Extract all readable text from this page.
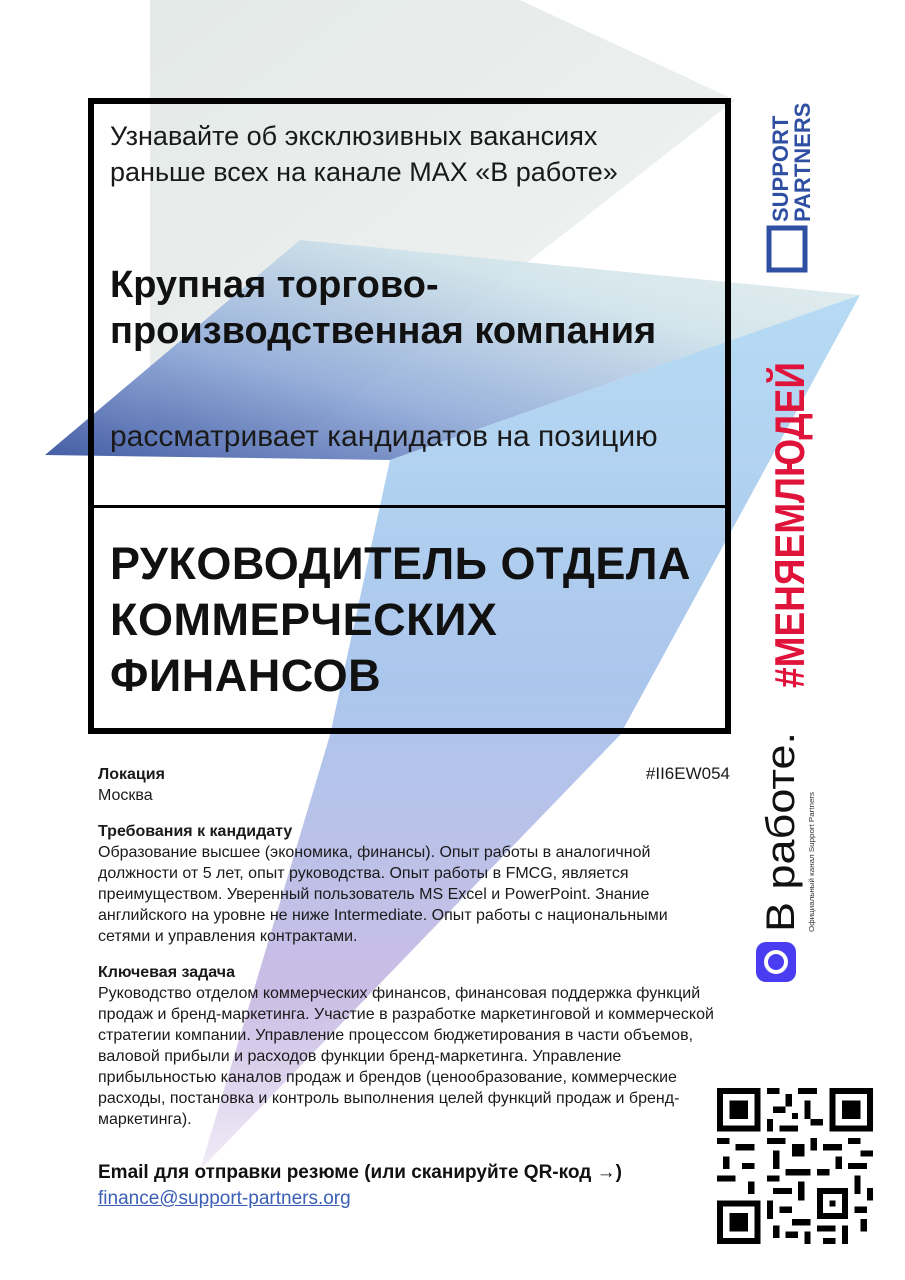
Узнавайте об эксклюзивных вакансиях раньше всех на канале MAX «В работе»
Крупная торгово-производственная компания
рассматривает кандидатов на позицию
РУКОВОДИТЕЛЬ ОТДЕЛА КОММЕРЧЕСКИХ ФИНАНСОВ
#II6EW054
Локация
Москва
Требования к кандидату
Образование высшее (экономика, финансы). Опыт работы в аналогичной должности от 5 лет, опыт руководства. Опыт работы в FMCG, является преимуществом. Уверенный пользователь MS Excel и PowerPoint. Знание английского на уровне не ниже Intermediate. Опыт работы с национальными сетями и управления контрактами.
Ключевая задача
Руководство отделом коммерческих финансов, финансовая поддержка функций продаж и бренд-маркетинга. Участие в разработке маркетинговой и коммерческой стратегии компании. Управление процессом бюджетирования в части объемов, валовой прибыли и расходов функции бренд-маркетинга. Управление прибыльностью каналов продаж и брендов (ценообразование, коммерческие расходы, постановка и контроль выполнения целей функций продаж и бренд-маркетинга).
Email для отправки резюме (или сканируйте QR-код →)
finance@support-partners.org
SUPPORT
PARTNERS
#МЕНЯЕМЛЮДЕЙ
В работе. Официальный канал Support Partners
